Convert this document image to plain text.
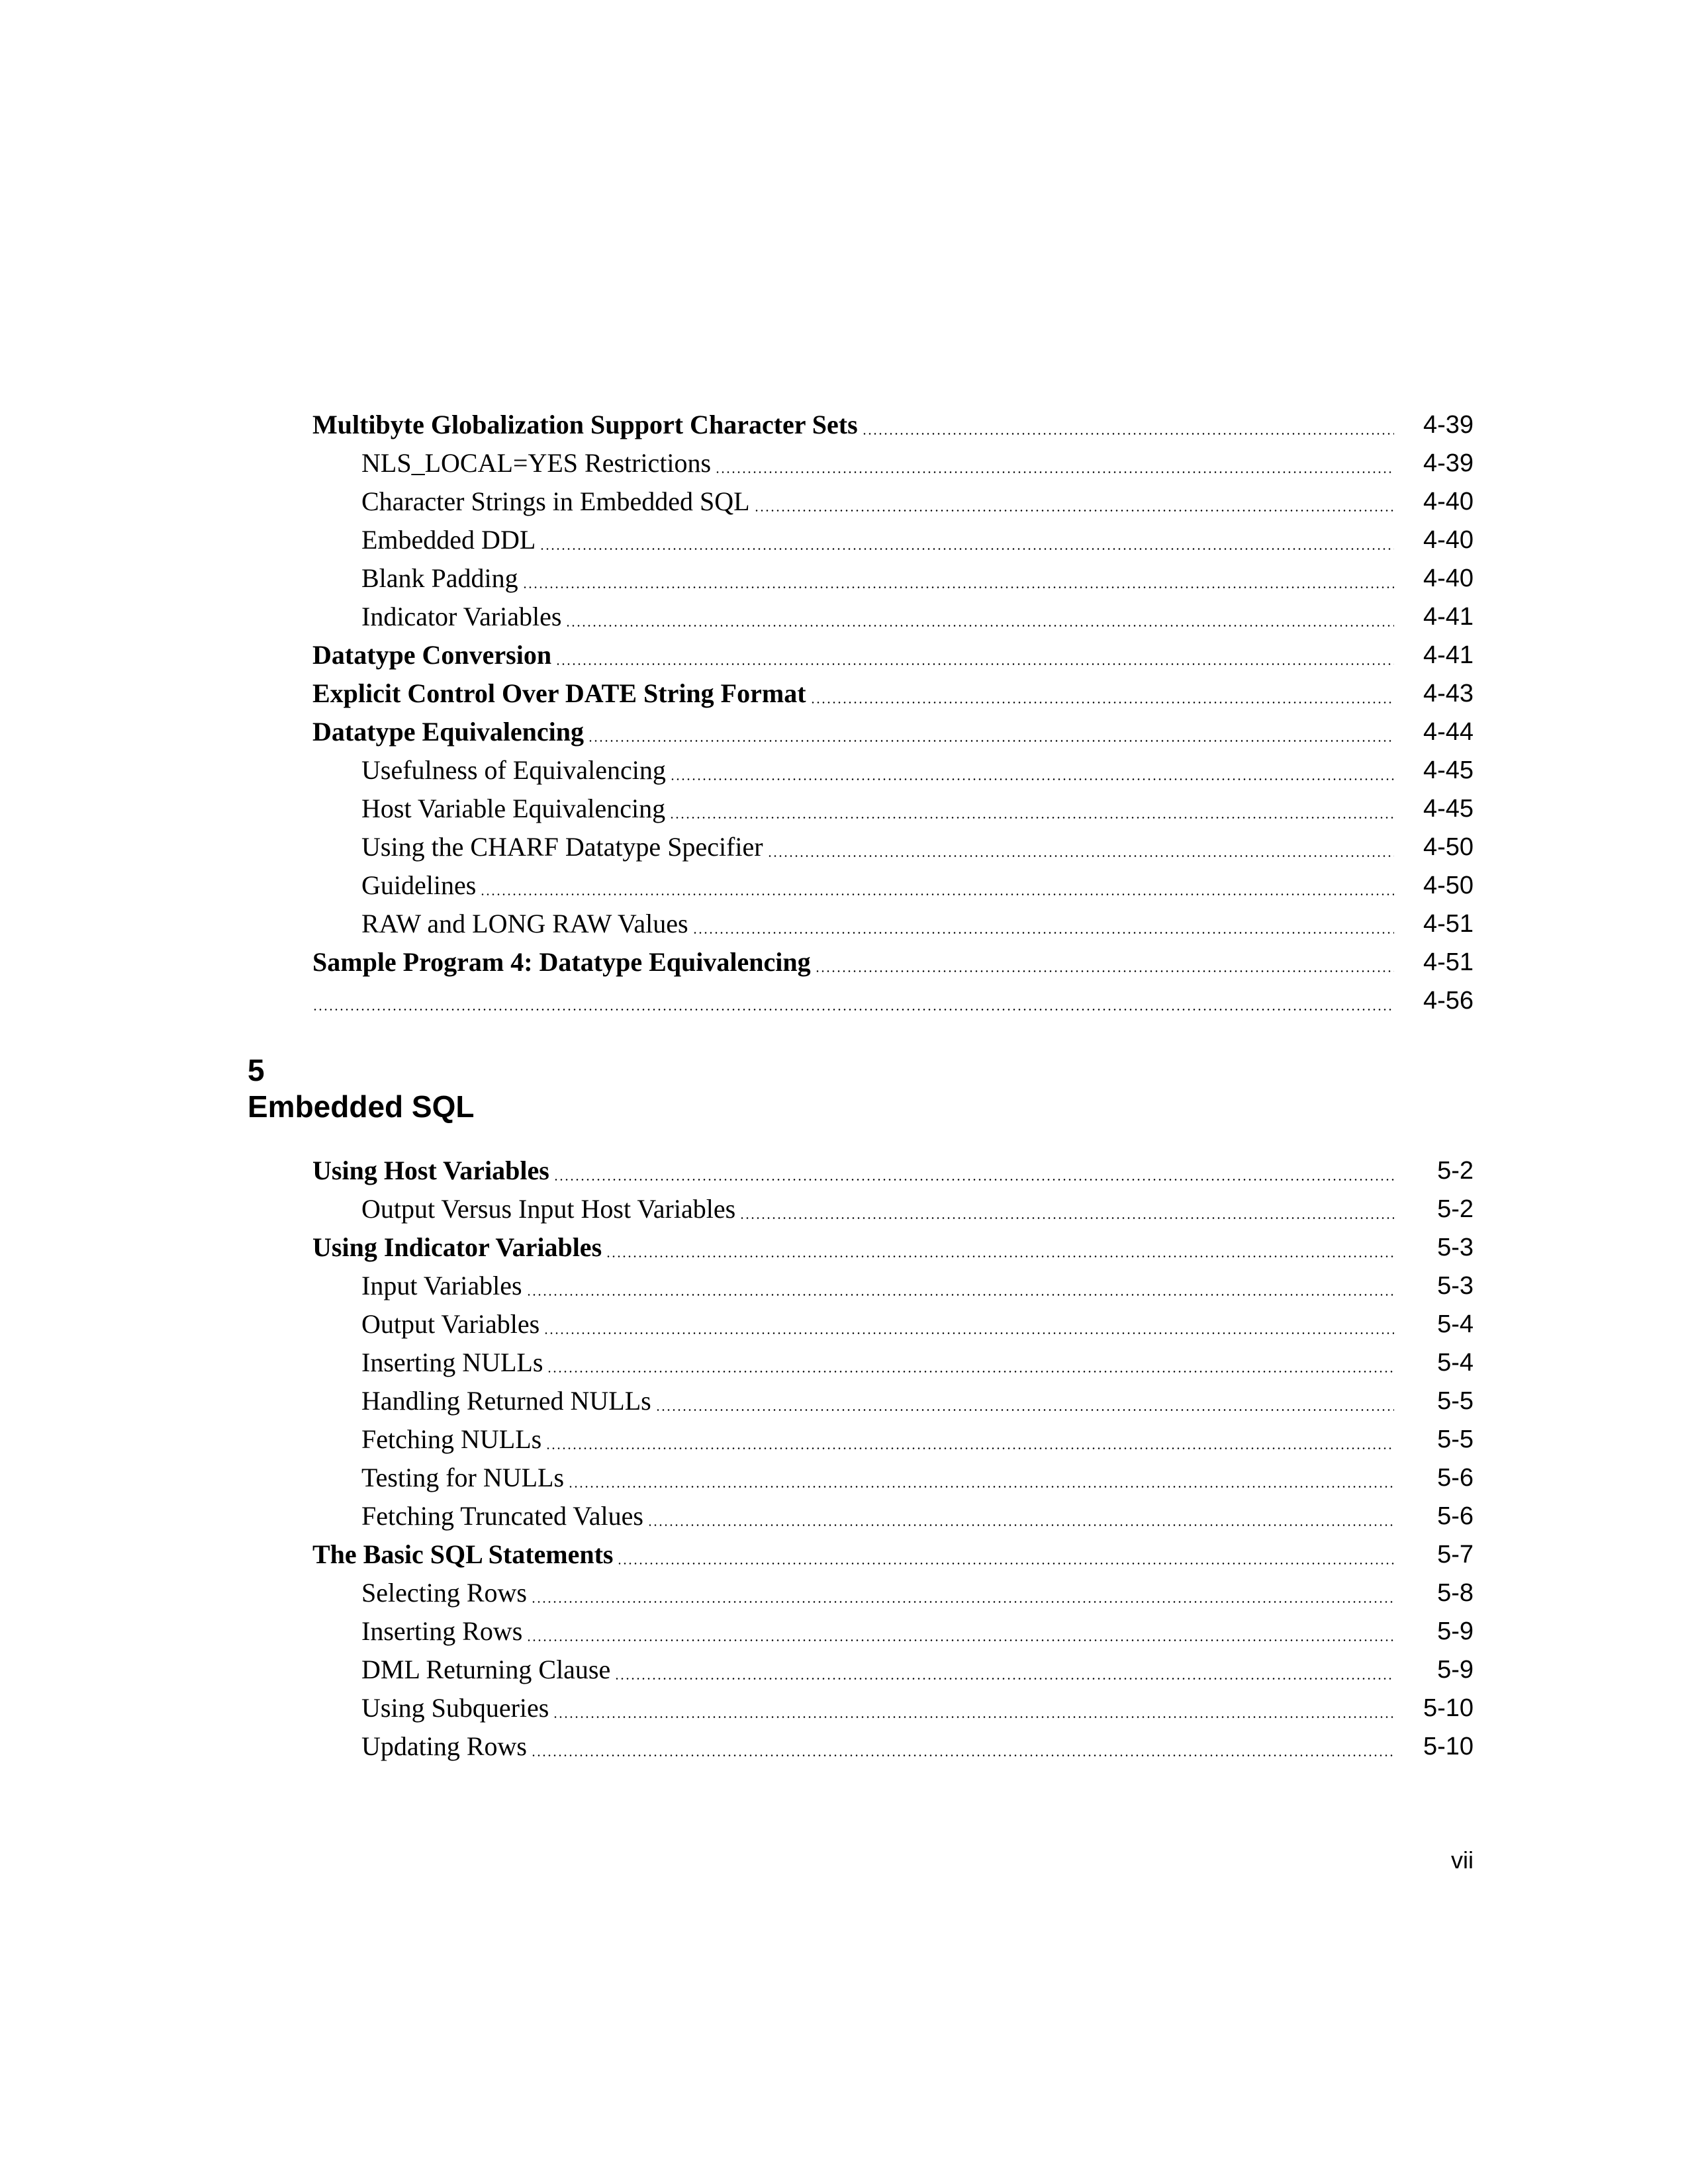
Multibyte Globalization Support Character Sets	4-39
NLS_LOCAL=YES Restrictions	4-39
Character Strings in Embedded SQL	4-40
Embedded DDL	4-40
Blank Padding	4-40
Indicator Variables	4-41
Datatype Conversion	4-41
Explicit Control Over DATE String Format	4-43
Datatype Equivalencing	4-44
Usefulness of Equivalencing	4-45
Host Variable Equivalencing	4-45
Using the CHARF Datatype Specifier	4-50
Guidelines	4-50
RAW and LONG RAW Values	4-51
Sample Program 4: Datatype Equivalencing	4-51
4-56
5
Embedded SQL
Using Host Variables	5-2
Output Versus Input Host Variables	5-2
Using Indicator Variables	5-3
Input Variables	5-3
Output Variables	5-4
Inserting NULLs	5-4
Handling Returned NULLs	5-5
Fetching NULLs	5-5
Testing for NULLs	5-6
Fetching Truncated Values	5-6
The Basic SQL Statements	5-7
Selecting Rows	5-8
Inserting Rows	5-9
DML Returning Clause	5-9
Using Subqueries	5-10
Updating Rows	5-10
vii
